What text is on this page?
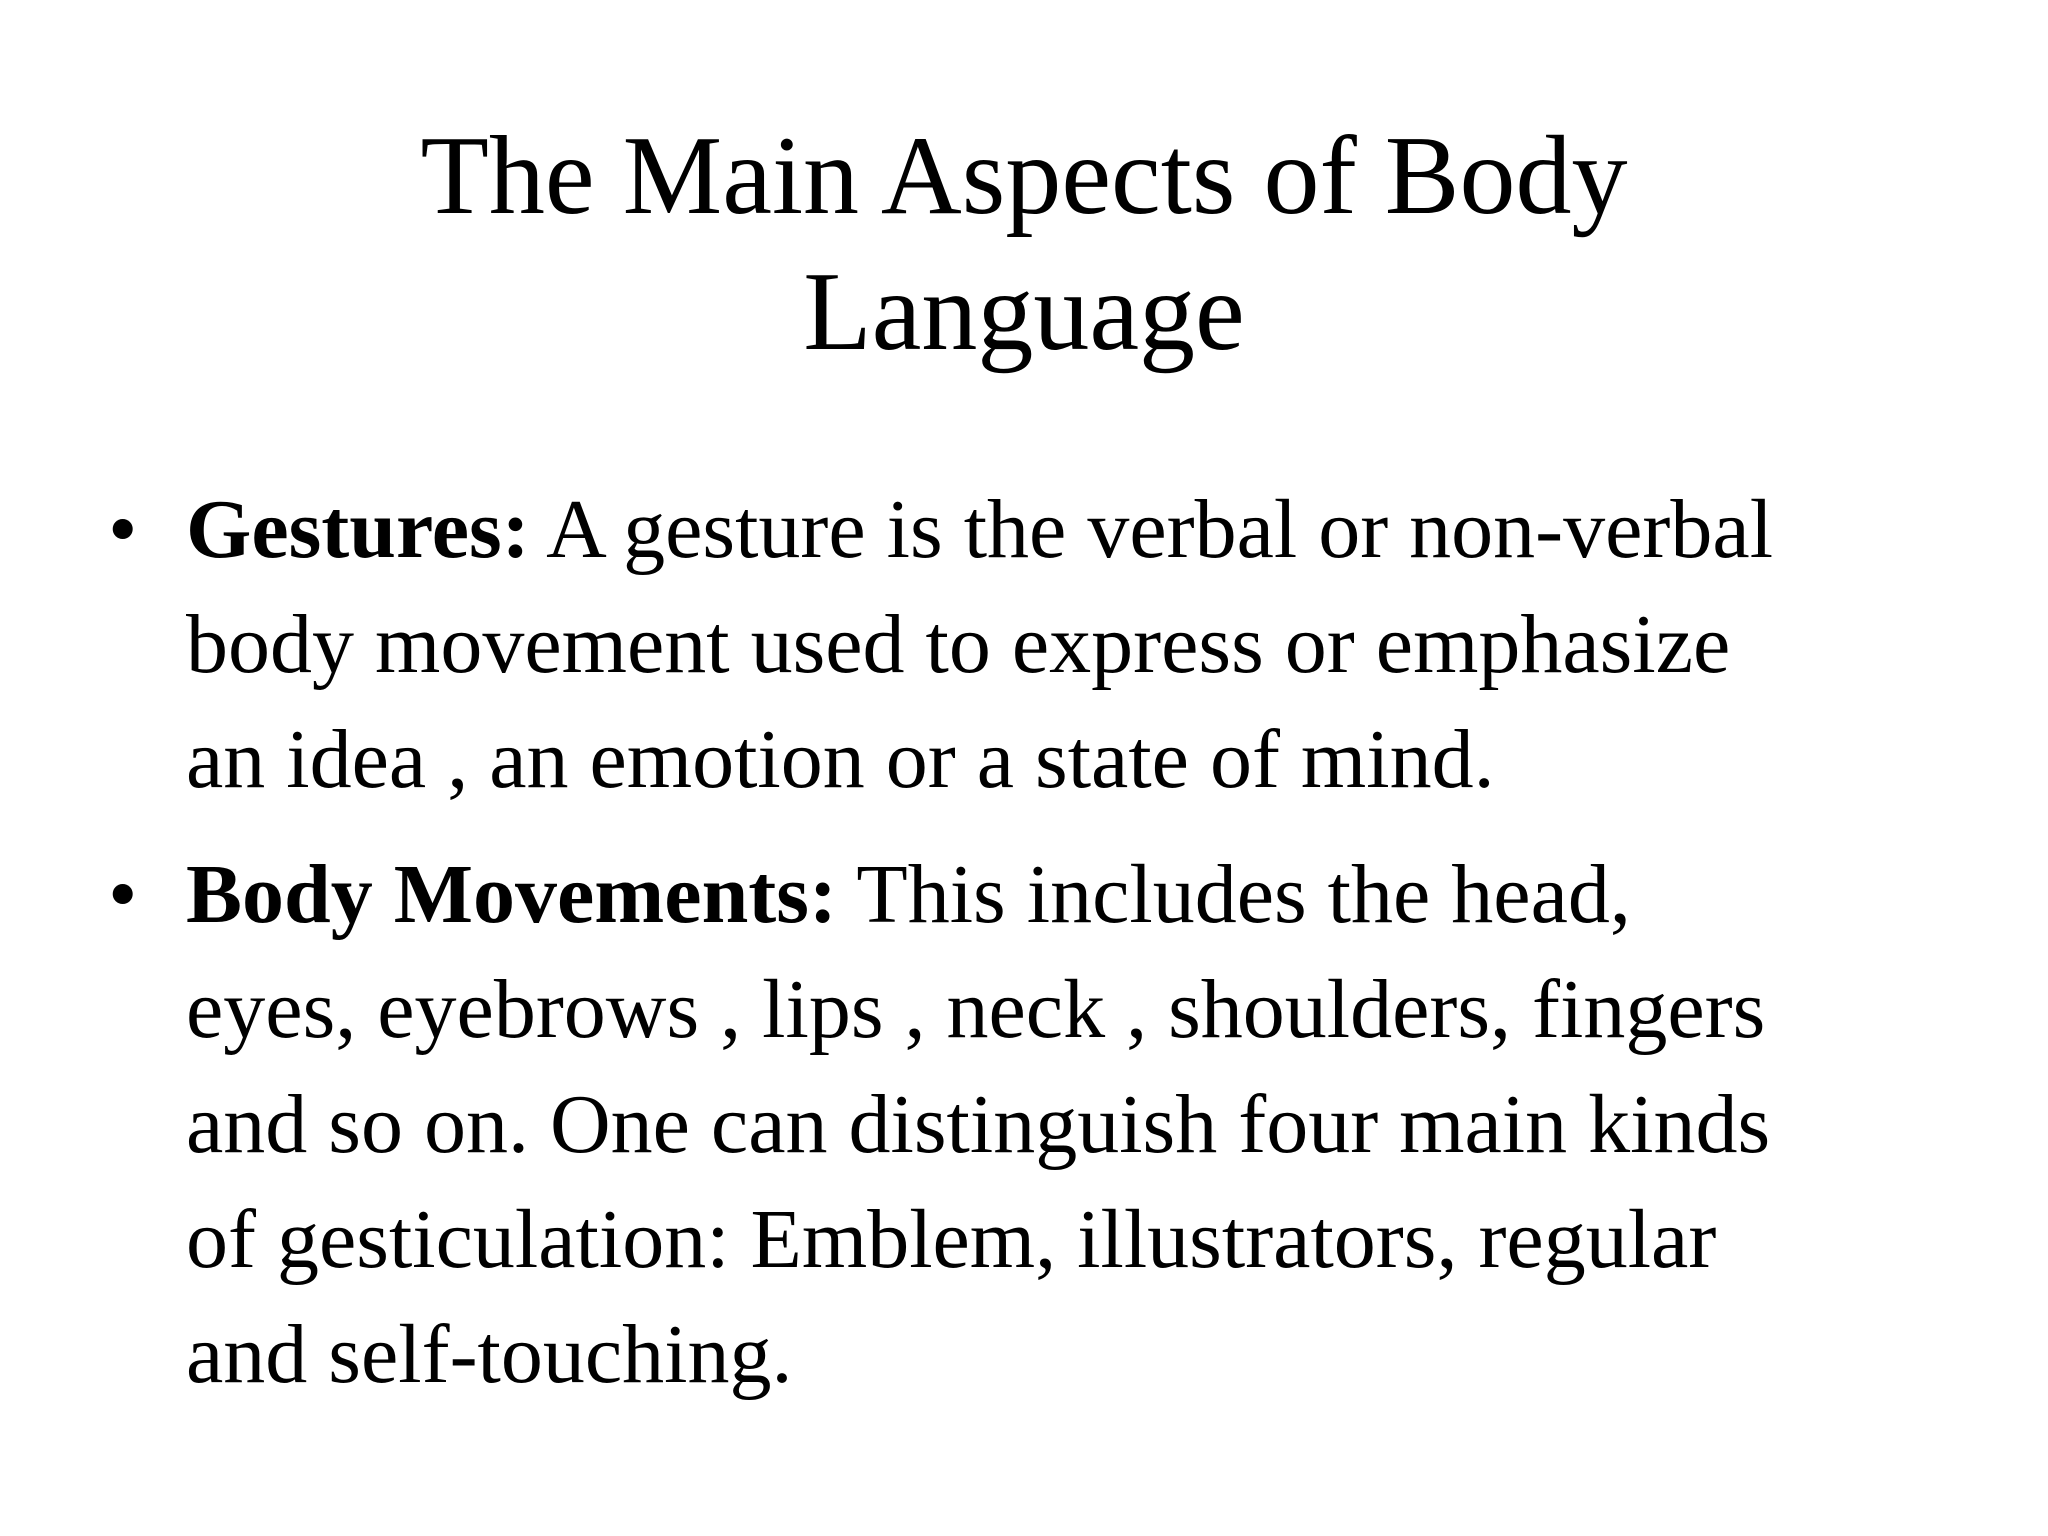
The Main Aspects of Body
Language
• Gestures: A gesture is the verbal or non-verbal
body movement used to express or emphasize
an idea , an emotion or a state of mind.
• Body Movements: This includes the head,
eyes, eyebrows , lips , neck , shoulders, fingers
and so on. One can distinguish four main kinds
of gesticulation: Emblem, illustrators, regular
and self-touching.
